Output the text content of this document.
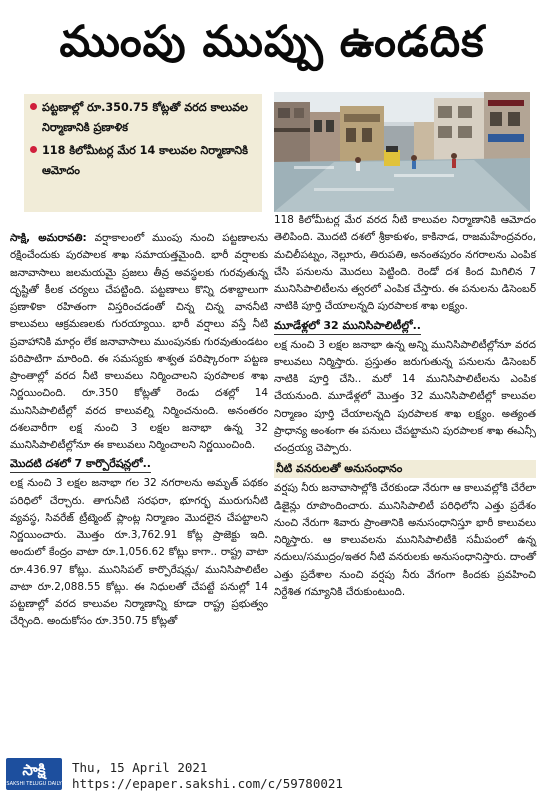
ముంపు ముప్పు ఉండదిక
పట్టణాల్లో రూ.350.75 కోట్లతో వరద కాలువల నిర్మాణానికి ప్రణాళిక
118 కిలోమీటర్ల మేర 14 కాలువల నిర్మాణానికి ఆమోదం

సాక్షి, అమరావతి: వర్షాకాలంలో ముంపు నుంచి పట్టణాలను రక్షించేందుకు పురపాలక శాఖ సమాయత్తమైంది. భారీ వర్షాలకు జనావాసాలు జలమయమై ప్రజలు తీవ్ర అవస్థలకు గురవుతున్న దృష్టితో కీలక చర్యలు చేపట్టింది. పట్టణాలు కొన్ని దశాబ్దాలుగా ప్రణాళికా రహితంగా విస్తరించడంతో చిన్న చిన్న వాననీటి కాలువలు ఆక్రమణలకు గురయ్యాయి. భారీ వర్షాలు వస్తే నీటి ప్రవాహానికి మార్గం లేక జనావాసాలు ముంపునకు గురవుతుండటం పరిపాటిగా మారింది. ఈ సమస్యకు శాశ్వత పరిష్కారంగా పట్టణ ప్రాంతాల్లో వరద నీటి కాలువలు నిర్మించాలని పురపాలక శాఖ నిర్ణయించింది. రూ.350 కోట్లతో రెండు దశల్లో 14 మునిసిపాలిటీల్లో వరద కాలువల్ని నిర్మించనుంది. అనంతరం దశలవారీగా లక్ష నుంచి 3 లక్షల జనాభా ఉన్న 32 మునిసిపాలిటీల్లోనూ ఈ కాలువలు నిర్మించాలని నిర్ణయించింది.

మొదటి దశలో 7 కార్పొరేషన్లలో..

లక్ష నుంచి 3 లక్షల జనాభా గల 32 నగరాలను అమృత్ పథకం పరిధిలో చేర్చారు. తాగునీటి సరఫరా, భూగర్భ మురుగునీటి వ్యవస్థ, సివరేజ్ ట్రీట్మెంట్ ప్లాంట్ల నిర్మాణం మొదలైన చేపట్టాలని నిర్ణయించారు. మొత్తం రూ.3,762.91 కోట్ల ప్రాజెక్టు ఇది. అందులో కేంద్రం వాటా రూ.1,056.62 కోట్లు కాగా.. రాష్ట్ర వాటా రూ.436.97 కోట్లు. మునిసిపల్ కార్పొరేషన్లు/ మునిసిపాలిటీల వాటా రూ.2,088.55 కోట్లు. ఈ నిధులతో చేపట్టే పనుల్లో 14 పట్టణాల్లో వరద కాలువల నిర్మాణాన్ని కూడా రాష్ట్ర ప్రభుత్వం చేర్చింది. అందుకోసం రూ.350.75 కోట్లతో

118 కిలోమీటర్ల మేర వరద నీటి కాలువల నిర్మాణానికి ఆమోదం తెలిపింది. మొదటి దశలో శ్రీకాకుళం, కాకినాడ, రాజమహేంద్రవరం, మచిలీపట్నం, నెల్లూరు, తిరుపతి, అనంతపురం నగరాలను ఎంపిక చేసి పనులను మొదలు పెట్టింది. రెండో దశ కింద మిగిలిన 7 మునిసిపాలిటీలను త్వరలో ఎంపిక చేస్తారు. ఈ పనులను డిసెంబర్ నాటికి పూర్తి చేయాలన్నది పురపాలక శాఖ లక్ష్యం.

మూడేళ్లలో 32 మునిసిపాలిటీల్లో..

లక్ష నుంచి 3 లక్షల జనాభా ఉన్న అన్ని మునిసిపాలిటీల్లోనూ వరద కాలువలు నిర్మిస్తారు. ప్రస్తుతం జరుగుతున్న పనులను డిసెంబర్ నాటికి పూర్తి చేసి.. మరో 14 మునిసిపాలిటీలను ఎంపిక చేయనుంది. మూడేళ్లలో మొత్తం 32 మునిసిపాలిటీల్లో కాలువల నిర్మాణం పూర్తి చేయాలన్నది పురపాలక శాఖ లక్ష్యం. అత్యంత ప్రాధాన్య అంశంగా ఈ పనులు చేపట్టామని పురపాలక శాఖ ఈఎన్సీ చంద్రయ్య చెప్పారు.

నీటి వనరులతో అనుసంధానం

వర్షపు నీరు జనావాసాల్లోకి చేరకుండా నేరుగా ఆ కాలువల్లోకి చేరేలా డిజైన్లు రూపొందించారు. మునిసిపాలిటీ పరిధిలోని ఎత్తు ప్రదేశం నుంచి నేరుగా శివారు ప్రాంతానికి అనుసంధానిస్తూ భారీ కాలువలు నిర్మిస్తారు. ఆ కాలువలను మునిసిపాలిటీకి సమీపంలో ఉన్న నదులు/సముద్రం/ఇతర నీటి వనరులకు అనుసంధానిస్తారు. దాంతో ఎత్తు ప్రదేశాల నుంచి వర్షపు నీరు వేగంగా కిందకు ప్రవహించి నిర్దేశిత గమ్యానికి చేరుకుంటుంది.

సాక్షి
SAKSHI TELUGU DAILY
Thu, 15 April 2021
https://epaper.sakshi.com/c/59780021
